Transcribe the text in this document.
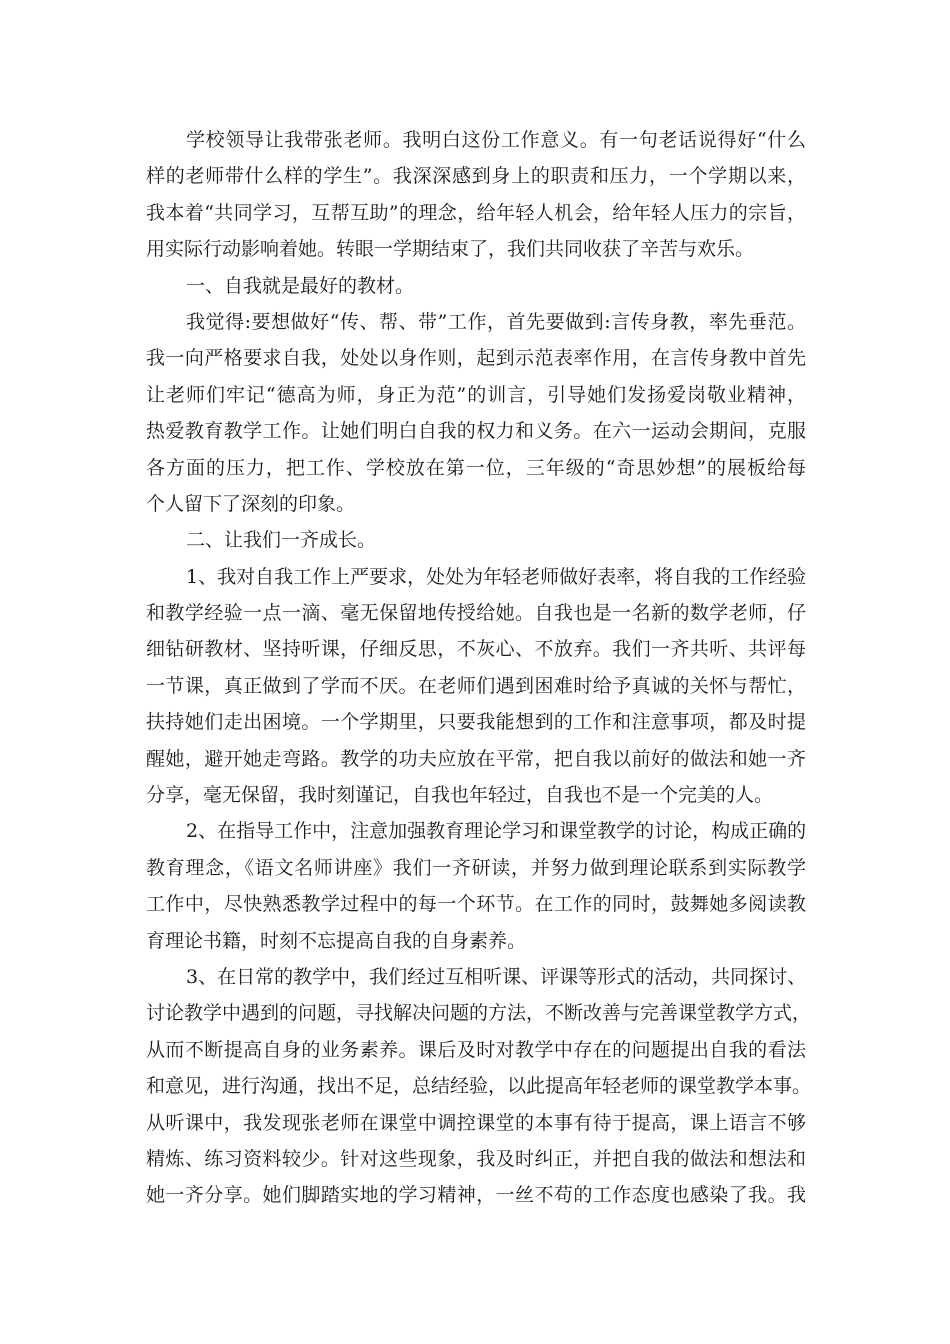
学校领导让我带张老师。我明白这份工作意义。有一句老话说得好“什么
样的老师带什么样的学生”。我深深感到身上的职责和压力，一个学期以来，
我本着“共同学习，互帮互助”的理念，给年轻人机会，给年轻人压力的宗旨，
用实际行动影响着她。转眼一学期结束了，我们共同收获了辛苦与欢乐。
一、自我就是最好的教材。
我觉得:要想做好“传、帮、带”工作，首先要做到:言传身教，率先垂范。
我一向严格要求自我，处处以身作则，起到示范表率作用，在言传身教中首先
让老师们牢记“德高为师，身正为范”的训言，引导她们发扬爱岗敬业精神，
热爱教育教学工作。让她们明白自我的权力和义务。在六一运动会期间，克服
各方面的压力，把工作、学校放在第一位，三年级的“奇思妙想”的展板给每
个人留下了深刻的印象。
二、让我们一齐成长。
1、我对自我工作上严要求，处处为年轻老师做好表率，将自我的工作经验
和教学经验一点一滴、毫无保留地传授给她。自我也是一名新的数学老师，仔
细钻研教材、坚持听课，仔细反思，不灰心、不放弃。我们一齐共听、共评每
一节课，真正做到了学而不厌。在老师们遇到困难时给予真诚的关怀与帮忙，
扶持她们走出困境。一个学期里，只要我能想到的工作和注意事项，都及时提
醒她，避开她走弯路。教学的功夫应放在平常，把自我以前好的做法和她一齐
分享，毫无保留，我时刻谨记，自我也年轻过，自我也不是一个完美的人。
2、在指导工作中，注意加强教育理论学习和课堂教学的讨论，构成正确的
教育理念，《语文名师讲座》我们一齐研读，并努力做到理论联系到实际教学
工作中，尽快熟悉教学过程中的每一个环节。在工作的同时，鼓舞她多阅读教
育理论书籍，时刻不忘提高自我的自身素养。
3、在日常的教学中，我们经过互相听课、评课等形式的活动，共同探讨、
讨论教学中遇到的问题，寻找解决问题的方法，不断改善与完善课堂教学方式，
从而不断提高自身的业务素养。课后及时对教学中存在的问题提出自我的看法
和意见，进行沟通，找出不足，总结经验，以此提高年轻老师的课堂教学本事。
从听课中，我发现张老师在课堂中调控课堂的本事有待于提高，课上语言不够
精炼、练习资料较少。针对这些现象，我及时纠正，并把自我的做法和想法和
她一齐分享。她们脚踏实地的学习精神，一丝不苟的工作态度也感染了我。我
